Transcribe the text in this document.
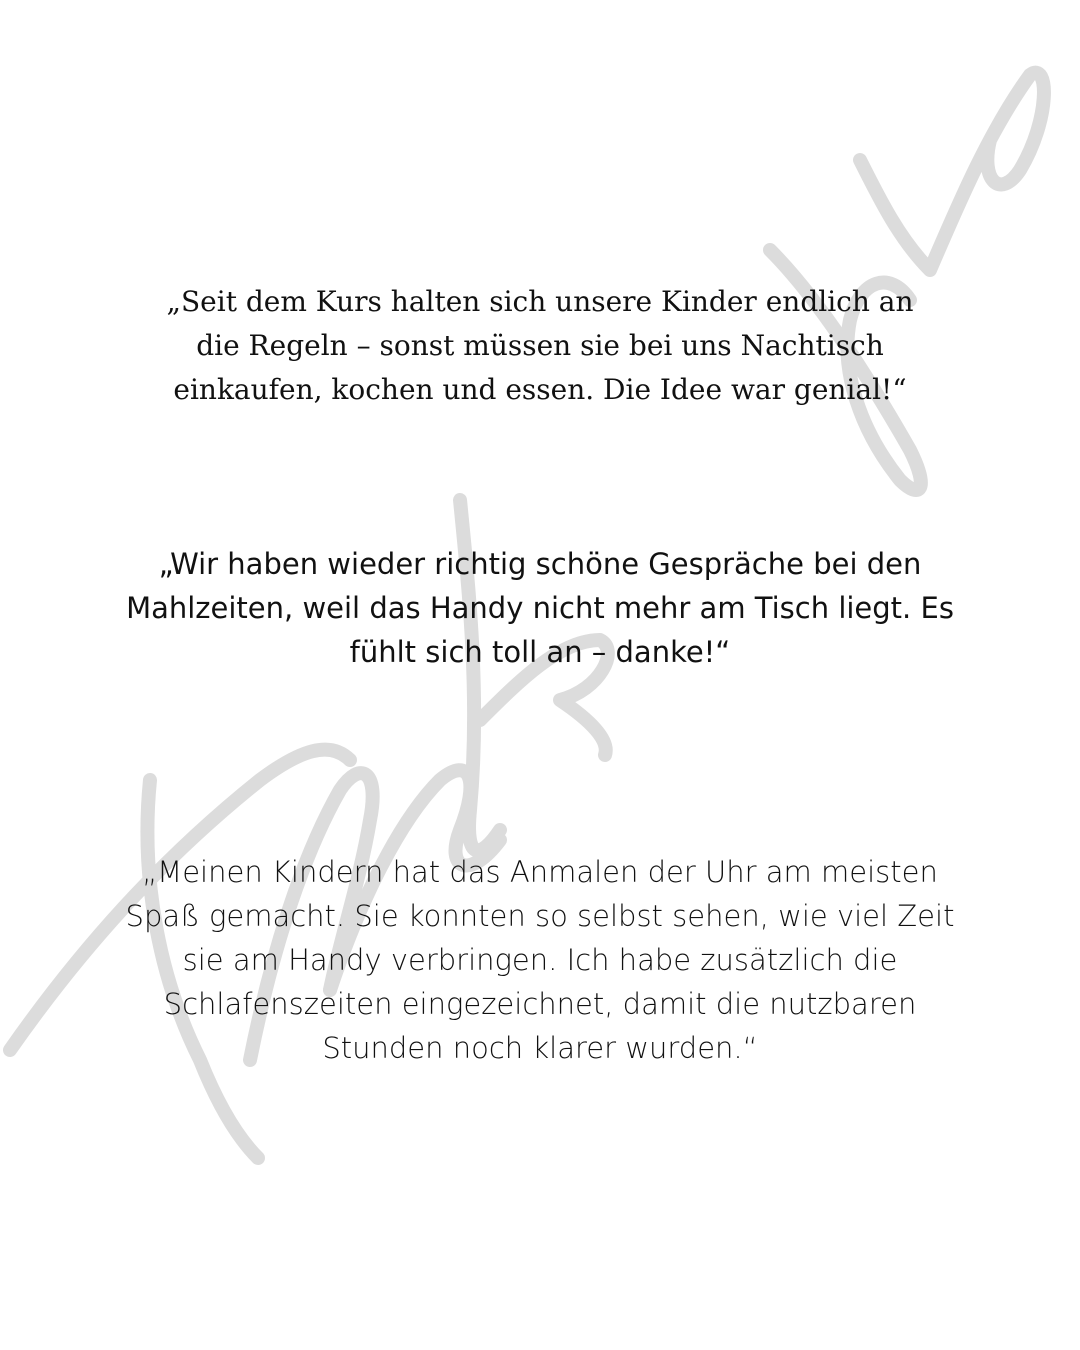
„Seit dem Kurs halten sich unsere Kinder endlich an die Regeln – sonst müssen sie bei uns Nachtisch einkaufen, kochen und essen. Die Idee war genial!“

„Wir haben wieder richtig schöne Gespräche bei den Mahlzeiten, weil das Handy nicht mehr am Tisch liegt. Es fühlt sich toll an – danke!“

„Meinen Kindern hat das Anmalen der Uhr am meisten Spaß gemacht. Sie konnten so selbst sehen, wie viel Zeit sie am Handy verbringen. Ich habe zusätzlich die Schlafenszeiten eingezeichnet, damit die nutzbaren Stunden noch klarer wurden.“
